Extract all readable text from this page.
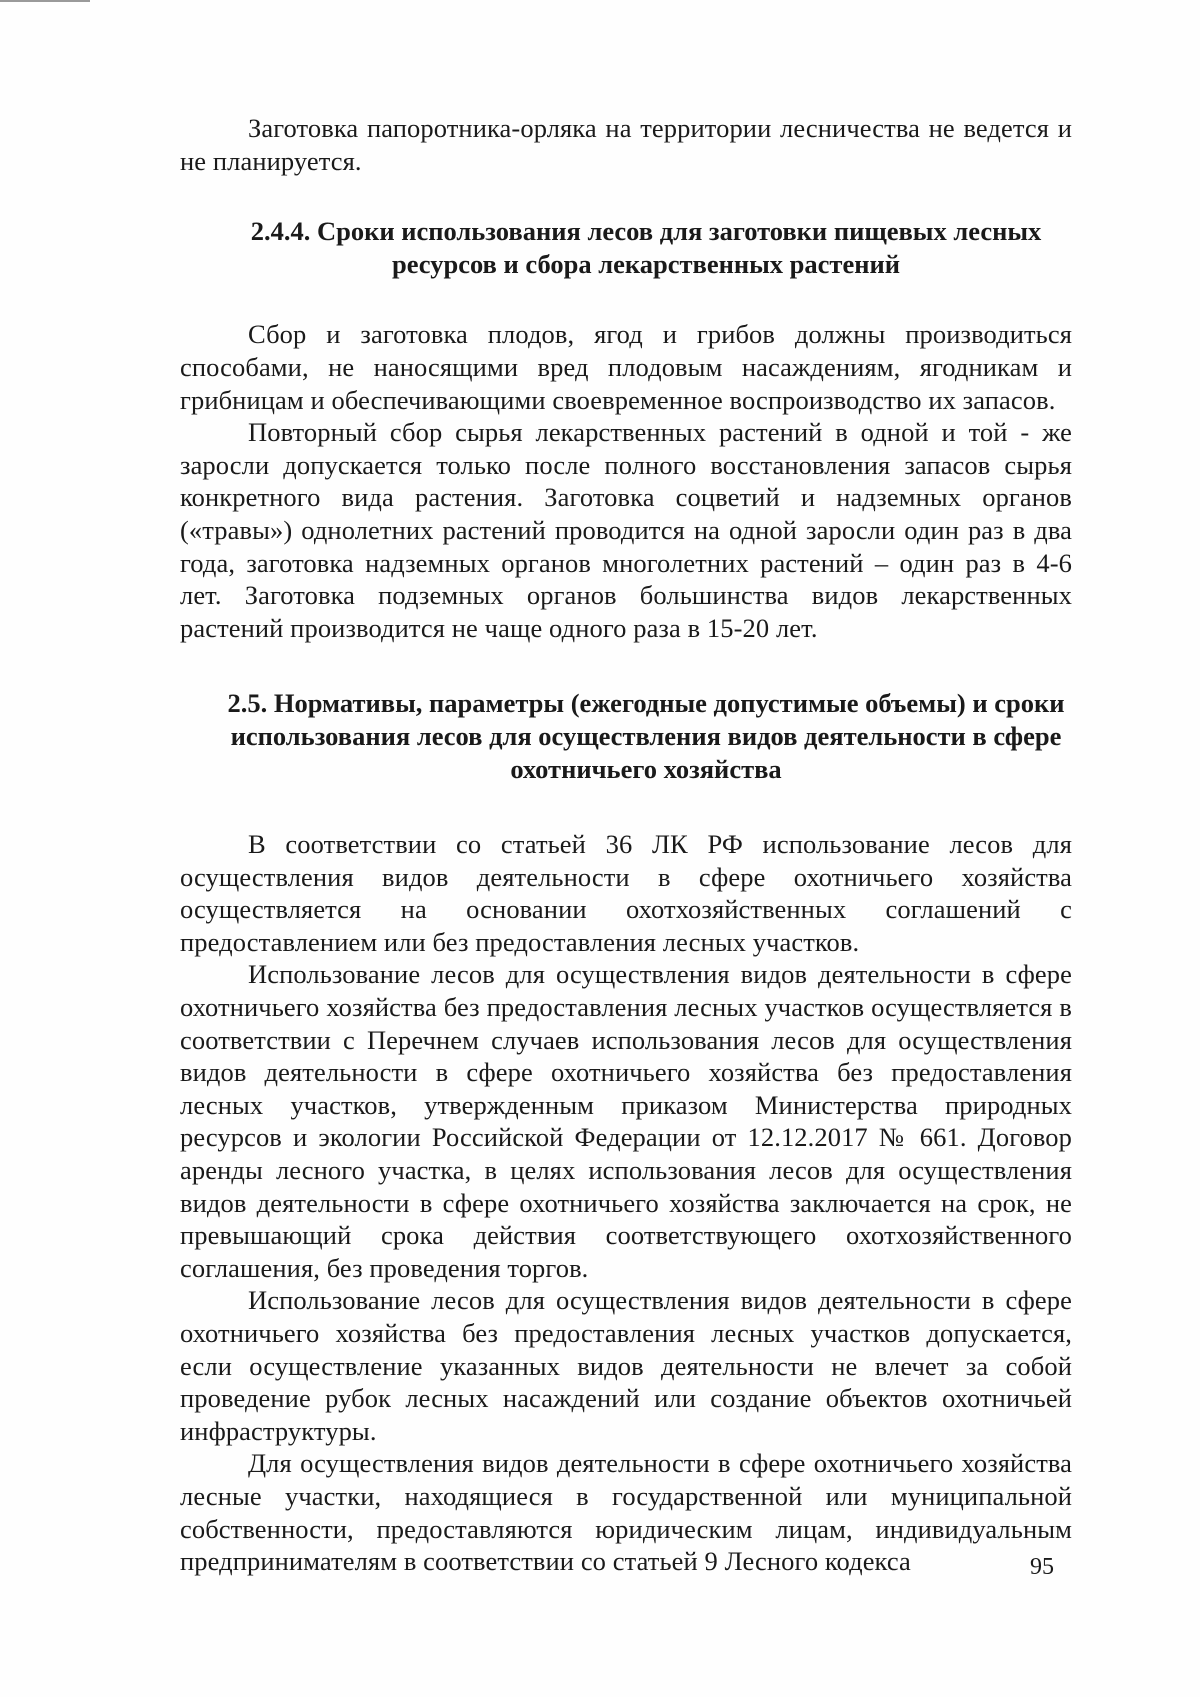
Заготовка папоротника-орляка на территории лесничества не ведется и не планируется.

2.4.4. Сроки использования лесов для заготовки пищевых лесных ресурсов и сбора лекарственных растений

Сбор и заготовка плодов, ягод и грибов должны производиться способами, не наносящими вред плодовым насаждениям, ягодникам и грибницам и обеспечивающими своевременное воспроизводство их запасов.

Повторный сбор сырья лекарственных растений в одной и той - же заросли допускается только после полного восстановления запасов сырья конкретного вида растения. Заготовка соцветий и надземных органов («травы») однолетних растений проводится на одной заросли один раз в два года, заготовка надземных органов многолетних растений – один раз в 4-6 лет. Заготовка подземных органов большинства видов лекарственных растений производится не чаще одного раза в 15-20 лет.

2.5. Нормативы, параметры (ежегодные допустимые объемы) и сроки использования лесов для осуществления видов деятельности в сфере охотничьего хозяйства

В соответствии со статьей 36 ЛК РФ использование лесов для осуществления видов деятельности в сфере охотничьего хозяйства осуществляется на основании охотхозяйственных соглашений с предоставлением или без предоставления лесных участков.

Использование лесов для осуществления видов деятельности в сфере охотничьего хозяйства без предоставления лесных участков осуществляется в соответствии с Перечнем случаев использования лесов для осуществления видов деятельности в сфере охотничьего хозяйства без предоставления лесных участков, утвержденным приказом Министерства природных ресурсов и экологии Российской Федерации от 12.12.2017 № 661. Договор аренды лесного участка, в целях использования лесов для осуществления видов деятельности в сфере охотничьего хозяйства заключается на срок, не превышающий срока действия соответствующего охотхозяйственного соглашения, без проведения торгов.

Использование лесов для осуществления видов деятельности в сфере охотничьего хозяйства без предоставления лесных участков допускается, если осуществление указанных видов деятельности не влечет за собой проведение рубок лесных насаждений или создание объектов охотничьей инфраструктуры.

Для осуществления видов деятельности в сфере охотничьего хозяйства лесные участки, находящиеся в государственной или муниципальной собственности, предоставляются юридическим лицам, индивидуальным предпринимателям в соответствии со статьей 9 Лесного кодекса	95
